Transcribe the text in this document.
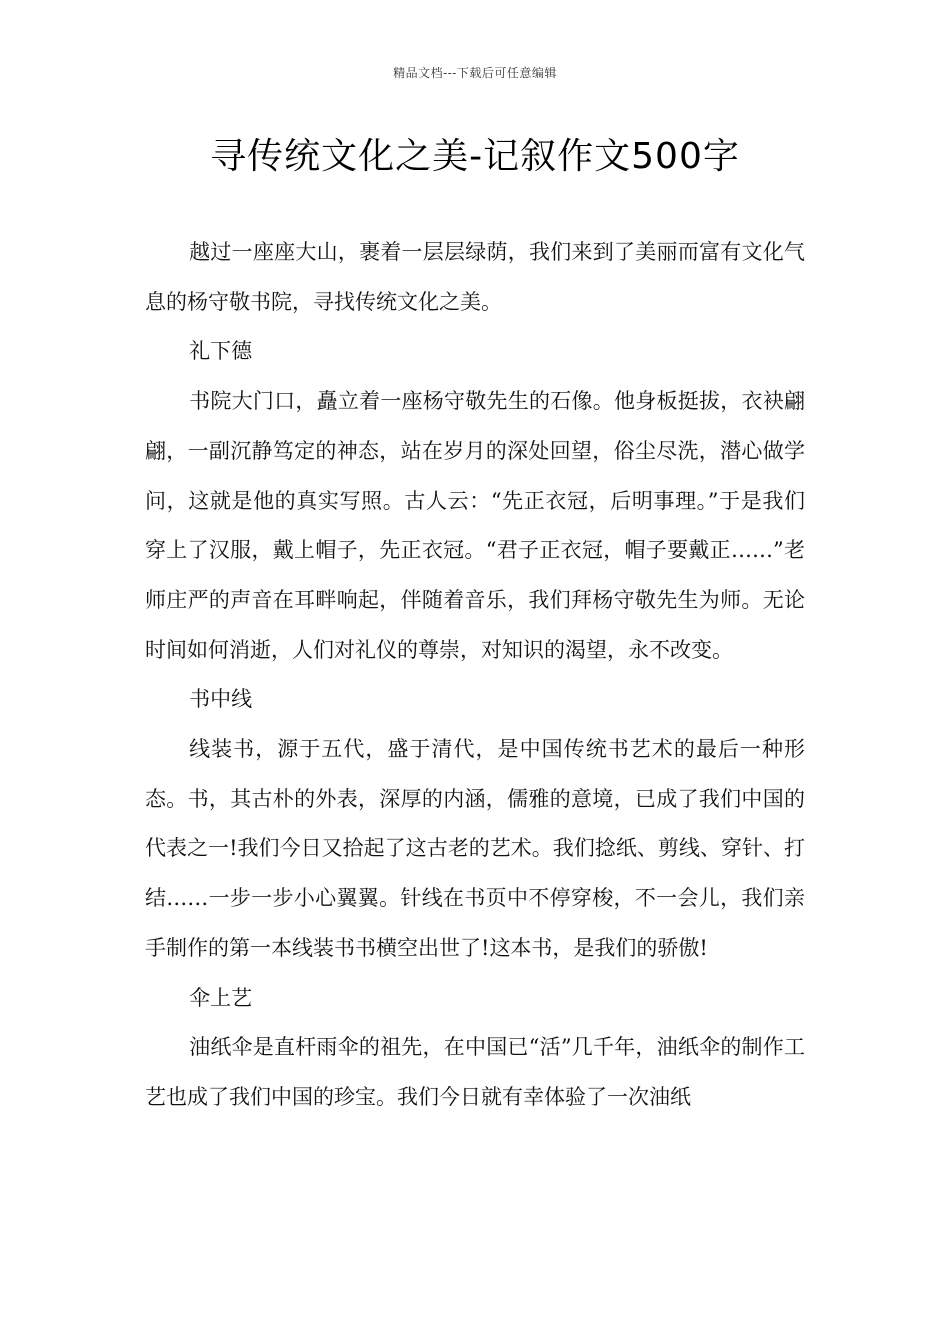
精品文档---下载后可任意编辑
寻传统文化之美-记叙作文500字

越过一座座大山，裹着一层层绿荫，我们来到了美丽而富有文化气息的杨守敬书院，寻找传统文化之美。

礼下德

书院大门口，矗立着一座杨守敬先生的石像。他身板挺拔，衣袂翩翩，一副沉静笃定的神态，站在岁月的深处回望，俗尘尽洗，潜心做学问，这就是他的真实写照。古人云：“先正衣冠，后明事理。”于是我们穿上了汉服，戴上帽子，先正衣冠。“君子正衣冠，帽子要戴正……”老师庄严的声音在耳畔响起，伴随着音乐，我们拜杨守敬先生为师。无论时间如何消逝，人们对礼仪的尊崇，对知识的渴望，永不改变。

书中线

线装书，源于五代，盛于清代，是中国传统书艺术的最后一种形态。书，其古朴的外表，深厚的内涵，儒雅的意境，已成了我们中国的代表之一!我们今日又拾起了这古老的艺术。我们捻纸、剪线、穿针、打结……一步一步小心翼翼。针线在书页中不停穿梭，不一会儿，我们亲手制作的第一本线装书书横空出世了!这本书，是我们的骄傲!

伞上艺

油纸伞是直杆雨伞的祖先，在中国已“活”几千年，油纸伞的制作工艺也成了我们中国的珍宝。我们今日就有幸体验了一次油纸
